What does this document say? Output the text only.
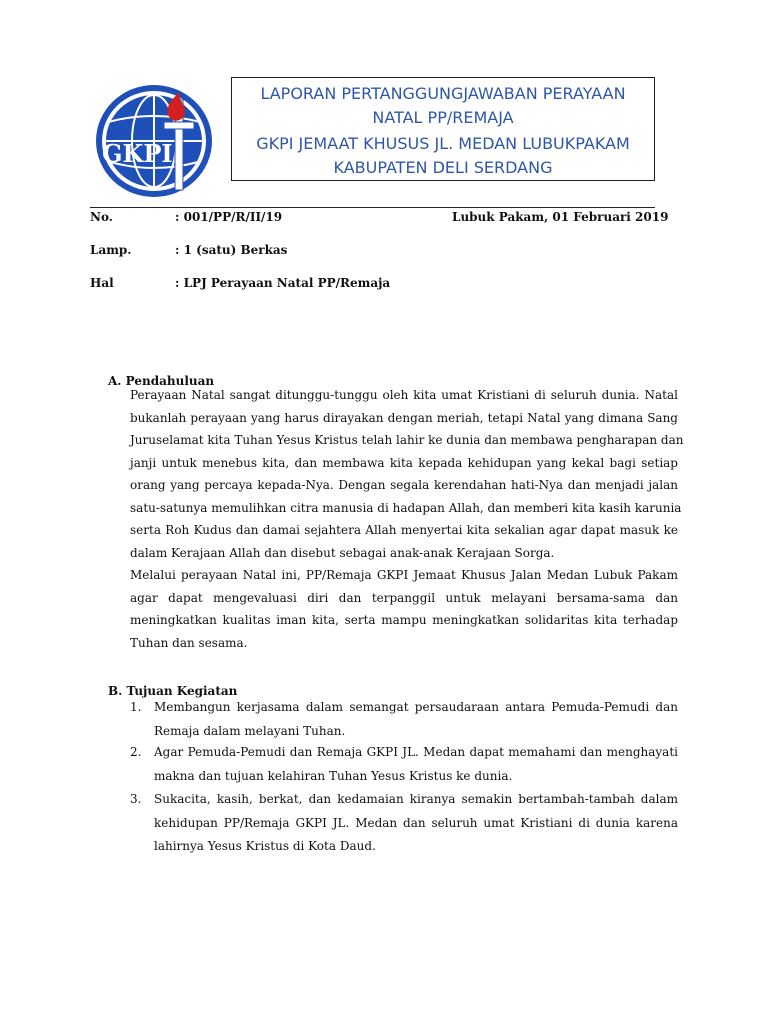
GKPI
LAPORAN PERTANGGUNGJAWABAN PERAYAAN
NATAL PP/REMAJA
GKPI JEMAAT KHUSUS JL. MEDAN LUBUKPAKAM
KABUPATEN DELI SERDANG
No.	: 001/PP/R/II/19	Lubuk Pakam, 01 Februari 2019
Lamp.	: 1 (satu) Berkas
Hal	: LPJ Perayaan Natal PP/Remaja
A. Pendahuluan
Perayaan Natal sangat ditunggu-tunggu oleh kita umat Kristiani di seluruh dunia. Natal
bukanlah perayaan yang harus dirayakan dengan meriah, tetapi Natal yang dimana Sang
Juruselamat kita Tuhan Yesus Kristus telah lahir ke dunia dan membawa pengharapan dan
janji untuk menebus kita, dan membawa kita kepada kehidupan yang kekal bagi setiap
orang yang percaya kepada-Nya. Dengan segala kerendahan hati-Nya dan menjadi jalan
satu-satunya memulihkan citra manusia di hadapan Allah, dan memberi kita kasih karunia
serta Roh Kudus dan damai sejahtera Allah menyertai kita sekalian agar dapat masuk ke
dalam Kerajaan Allah dan disebut sebagai anak-anak Kerajaan Sorga.
Melalui perayaan Natal ini, PP/Remaja GKPI Jemaat Khusus Jalan Medan Lubuk Pakam
agar dapat mengevaluasi diri dan terpanggil untuk melayani bersama-sama dan
meningkatkan kualitas iman kita, serta mampu meningkatkan solidaritas kita terhadap
Tuhan dan sesama.
B. Tujuan Kegiatan
1. Membangun kerjasama dalam semangat persaudaraan antara Pemuda-Pemudi dan
Remaja dalam melayani Tuhan.
2. Agar Pemuda-Pemudi dan Remaja GKPI JL. Medan dapat memahami dan menghayati
makna dan tujuan kelahiran Tuhan Yesus Kristus ke dunia.
3. Sukacita, kasih, berkat, dan kedamaian kiranya semakin bertambah-tambah dalam
kehidupan PP/Remaja GKPI JL. Medan dan seluruh umat Kristiani di dunia karena
lahirnya Yesus Kristus di Kota Daud.
